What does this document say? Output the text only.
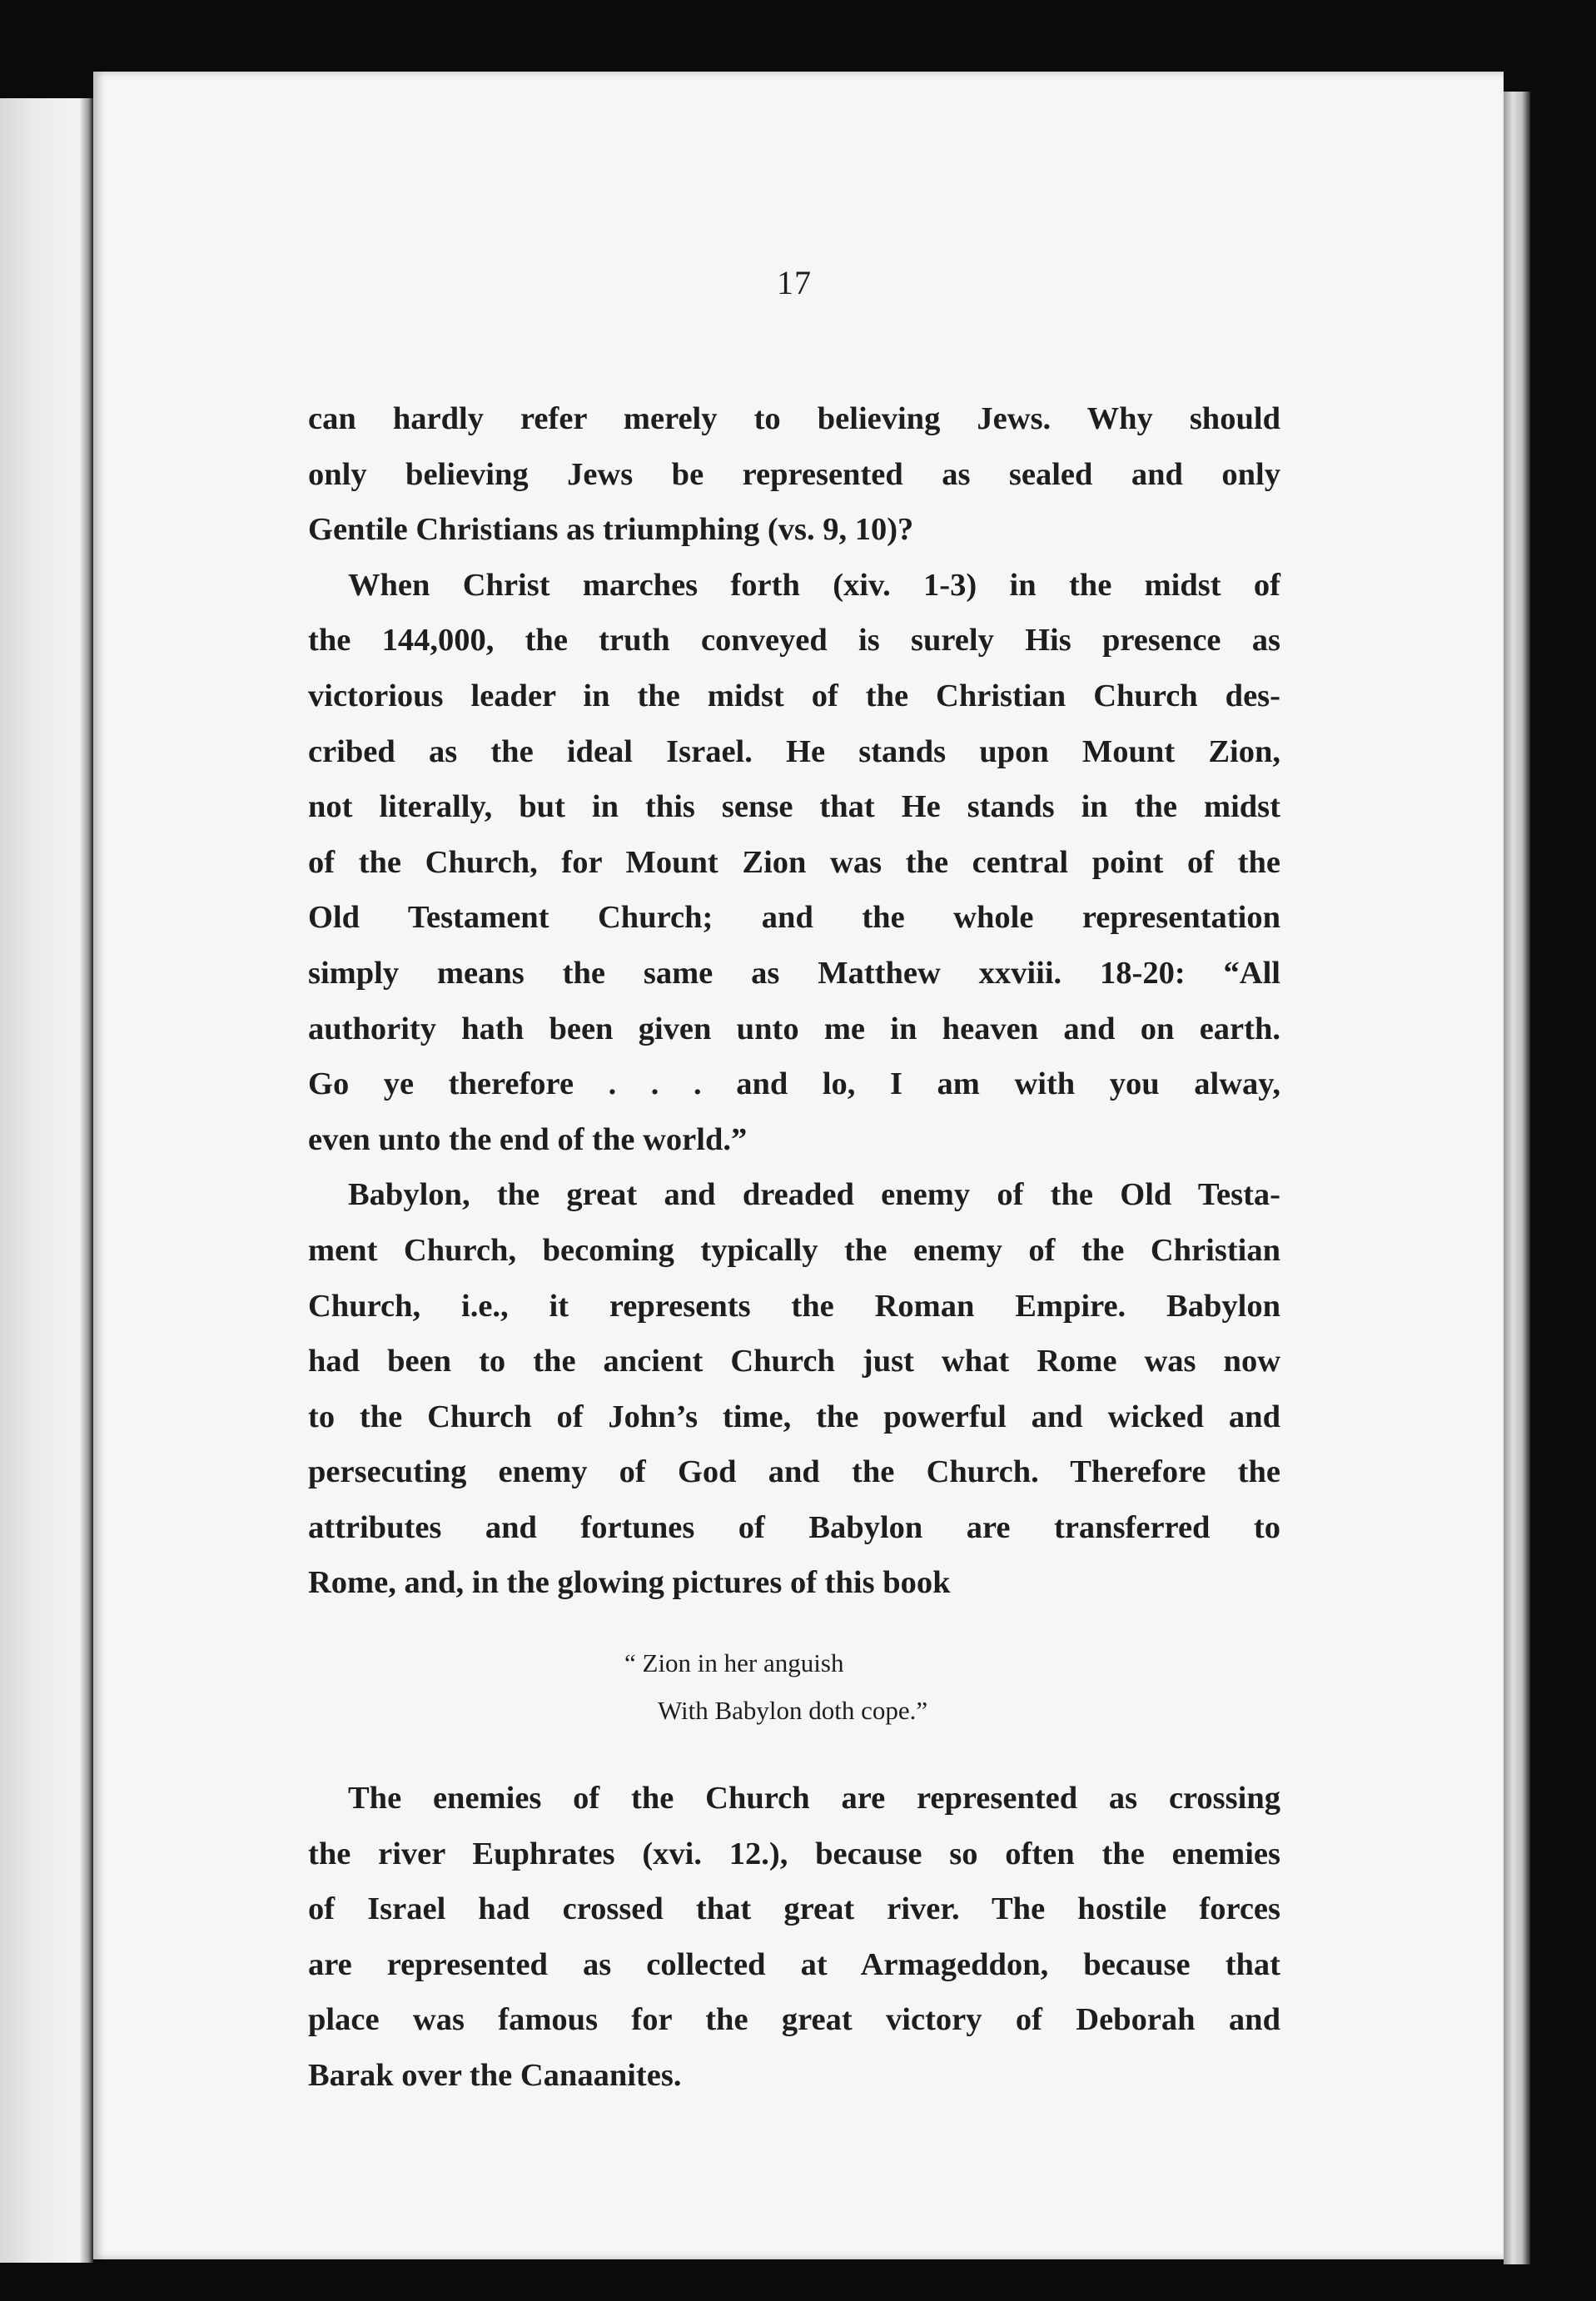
17

can hardly refer merely to believing Jews. Why should
only believing Jews be represented as sealed and only
Gentile Christians as triumphing (vs. 9, 10)?

When Christ marches forth (xiv. 1-3) in the midst of
the 144,000, the truth conveyed is surely His presence as
victorious leader in the midst of the Christian Church des-
cribed as the ideal Israel. He stands upon Mount Zion,
not literally, but in this sense that He stands in the midst
of the Church, for Mount Zion was the central point of the
Old Testament Church; and the whole representation
simply means the same as Matthew xxviii. 18-20: “All
authority hath been given unto me in heaven and on earth.
Go ye therefore . . . and lo, I am with you alway,
even unto the end of the world.”

Babylon, the great and dreaded enemy of the Old Testa-
ment Church, becoming typically the enemy of the Christian
Church, i.e., it represents the Roman Empire. Babylon
had been to the ancient Church just what Rome was now
to the Church of John’s time, the powerful and wicked and
persecuting enemy of God and the Church. Therefore the
attributes and fortunes of Babylon are transferred to
Rome, and, in the glowing pictures of this book

“ Zion in her anguish
With Babylon doth cope.”

The enemies of the Church are represented as crossing
the river Euphrates (xvi. 12.), because so often the enemies
of Israel had crossed that great river. The hostile forces
are represented as collected at Armageddon, because that
place was famous for the great victory of Deborah and
Barak over the Canaanites.
